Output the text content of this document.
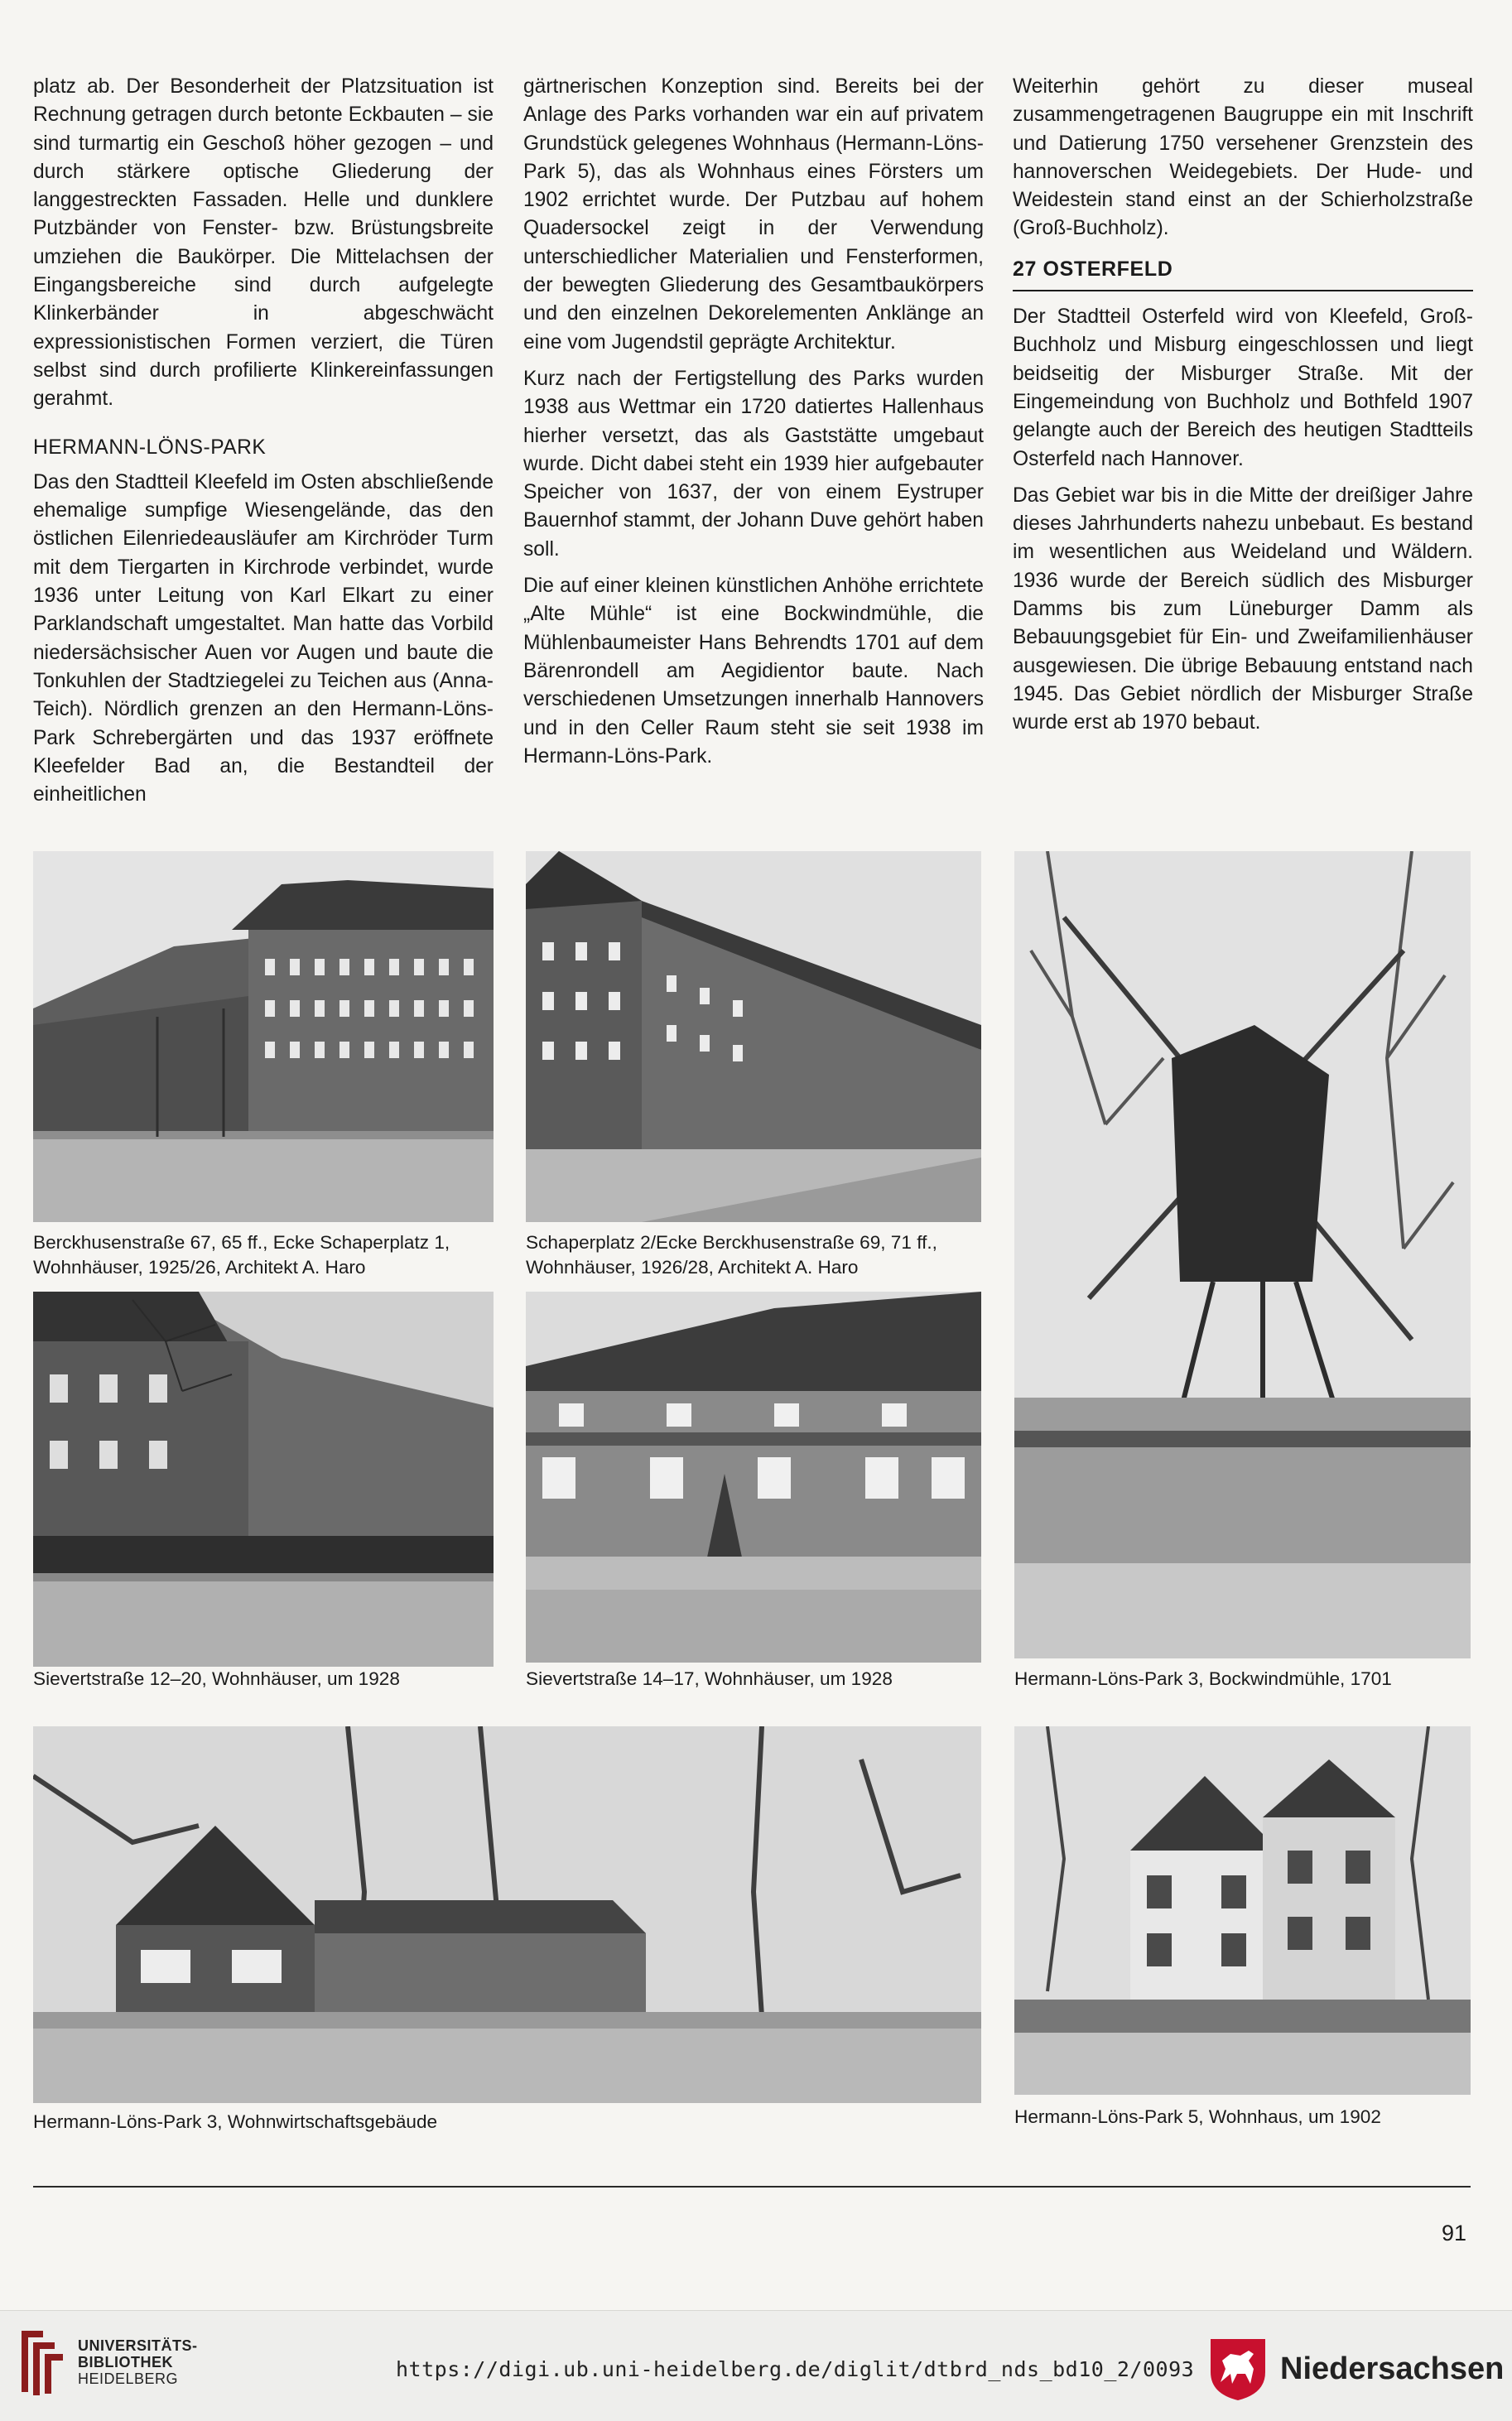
platz ab. Der Besonderheit der Platzsituation ist Rechnung getragen durch betonte Eckbauten – sie sind turmartig ein Geschoß höher gezogen – und durch stärkere optische Gliederung der langgestreckten Fassaden. Helle und dunklere Putzbänder von Fenster- bzw. Brüstungsbreite umziehen die Baukörper. Die Mittelachsen der Eingangsbereiche sind durch aufgelegte Klinkerbänder in abgeschwächt expressionistischen Formen verziert, die Türen selbst sind durch profilierte Klinkereinfassungen gerahmt.

HERMANN-LÖNS-PARK

Das den Stadtteil Kleefeld im Osten abschließende ehemalige sumpfige Wiesengelände, das den östlichen Eilenriedeausläufer am Kirchröder Turm mit dem Tiergarten in Kirchrode verbindet, wurde 1936 unter Leitung von Karl Elkart zu einer Parklandschaft umgestaltet. Man hatte das Vorbild niedersächsischer Auen vor Augen und baute die Tonkuhlen der Stadtziegelei zu Teichen aus (Anna-Teich). Nördlich grenzen an den Hermann-Löns-Park Schrebergärten und das 1937 eröffnete Kleefelder Bad an, die Bestandteil der einheitlichen

gärtnerischen Konzeption sind. Bereits bei der Anlage des Parks vorhanden war ein auf privatem Grundstück gelegenes Wohnhaus (Hermann-Löns-Park 5), das als Wohnhaus eines Försters um 1902 errichtet wurde. Der Putzbau auf hohem Quadersockel zeigt in der Verwendung unterschiedlicher Materialien und Fensterformen, der bewegten Gliederung des Gesamtbaukörpers und den einzelnen Dekorelementen Anklänge an eine vom Jugendstil geprägte Architektur.

Kurz nach der Fertigstellung des Parks wurden 1938 aus Wettmar ein 1720 datiertes Hallenhaus hierher versetzt, das als Gaststätte umgebaut wurde. Dicht dabei steht ein 1939 hier aufgebauter Speicher von 1637, der von einem Eystruper Bauernhof stammt, der Johann Duve gehört haben soll.

Die auf einer kleinen künstlichen Anhöhe errichtete „Alte Mühle“ ist eine Bockwindmühle, die Mühlenbaumeister Hans Behrendts 1701 auf dem Bärenrondell am Aegidientor baute. Nach verschiedenen Umsetzungen innerhalb Hannovers und in den Celler Raum steht sie seit 1938 im Hermann-Löns-Park.

Weiterhin gehört zu dieser museal zusammengetragenen Baugruppe ein mit Inschrift und Datierung 1750 versehener Grenzstein des hannoverschen Weidegebiets. Der Hude- und Weidestein stand einst an der Schierholzstraße (Groß-Buchholz).

27 OSTERFELD

Der Stadtteil Osterfeld wird von Kleefeld, Groß-Buchholz und Misburg eingeschlossen und liegt beidseitig der Misburger Straße. Mit der Eingemeindung von Buchholz und Bothfeld 1907 gelangte auch der Bereich des heutigen Stadtteils Osterfeld nach Hannover.

Das Gebiet war bis in die Mitte der dreißiger Jahre dieses Jahrhunderts nahezu unbebaut. Es bestand im wesentlichen aus Weideland und Wäldern. 1936 wurde der Bereich südlich des Misburger Damms bis zum Lüneburger Damm als Bebauungsgebiet für Ein- und Zweifamilienhäuser ausgewiesen. Die übrige Bebauung entstand nach 1945. Das Gebiet nördlich der Misburger Straße wurde erst ab 1970 bebaut.

Berckhusenstraße 67, 65 ff., Ecke Schaperplatz 1, Wohnhäuser, 1925/26, Architekt A. Haro
Schaperplatz 2/Ecke Berckhusenstraße 69, 71 ff., Wohnhäuser, 1926/28, Architekt A. Haro
Sievertstraße 12–20, Wohnhäuser, um 1928	Sievertstraße 14–17, Wohnhäuser, um 1928	Hermann-Löns-Park 3, Bockwindmühle, 1701
Hermann-Löns-Park 3, Wohnwirtschaftsgebäude	Hermann-Löns-Park 5, Wohnhaus, um 1902
91
UNIVERSITÄTS-
BIBLIOTHEK
HEIDELBERG	https://digi.ub.uni-heidelberg.de/diglit/dtbrd_nds_bd10_2/0093	Niedersachsen
